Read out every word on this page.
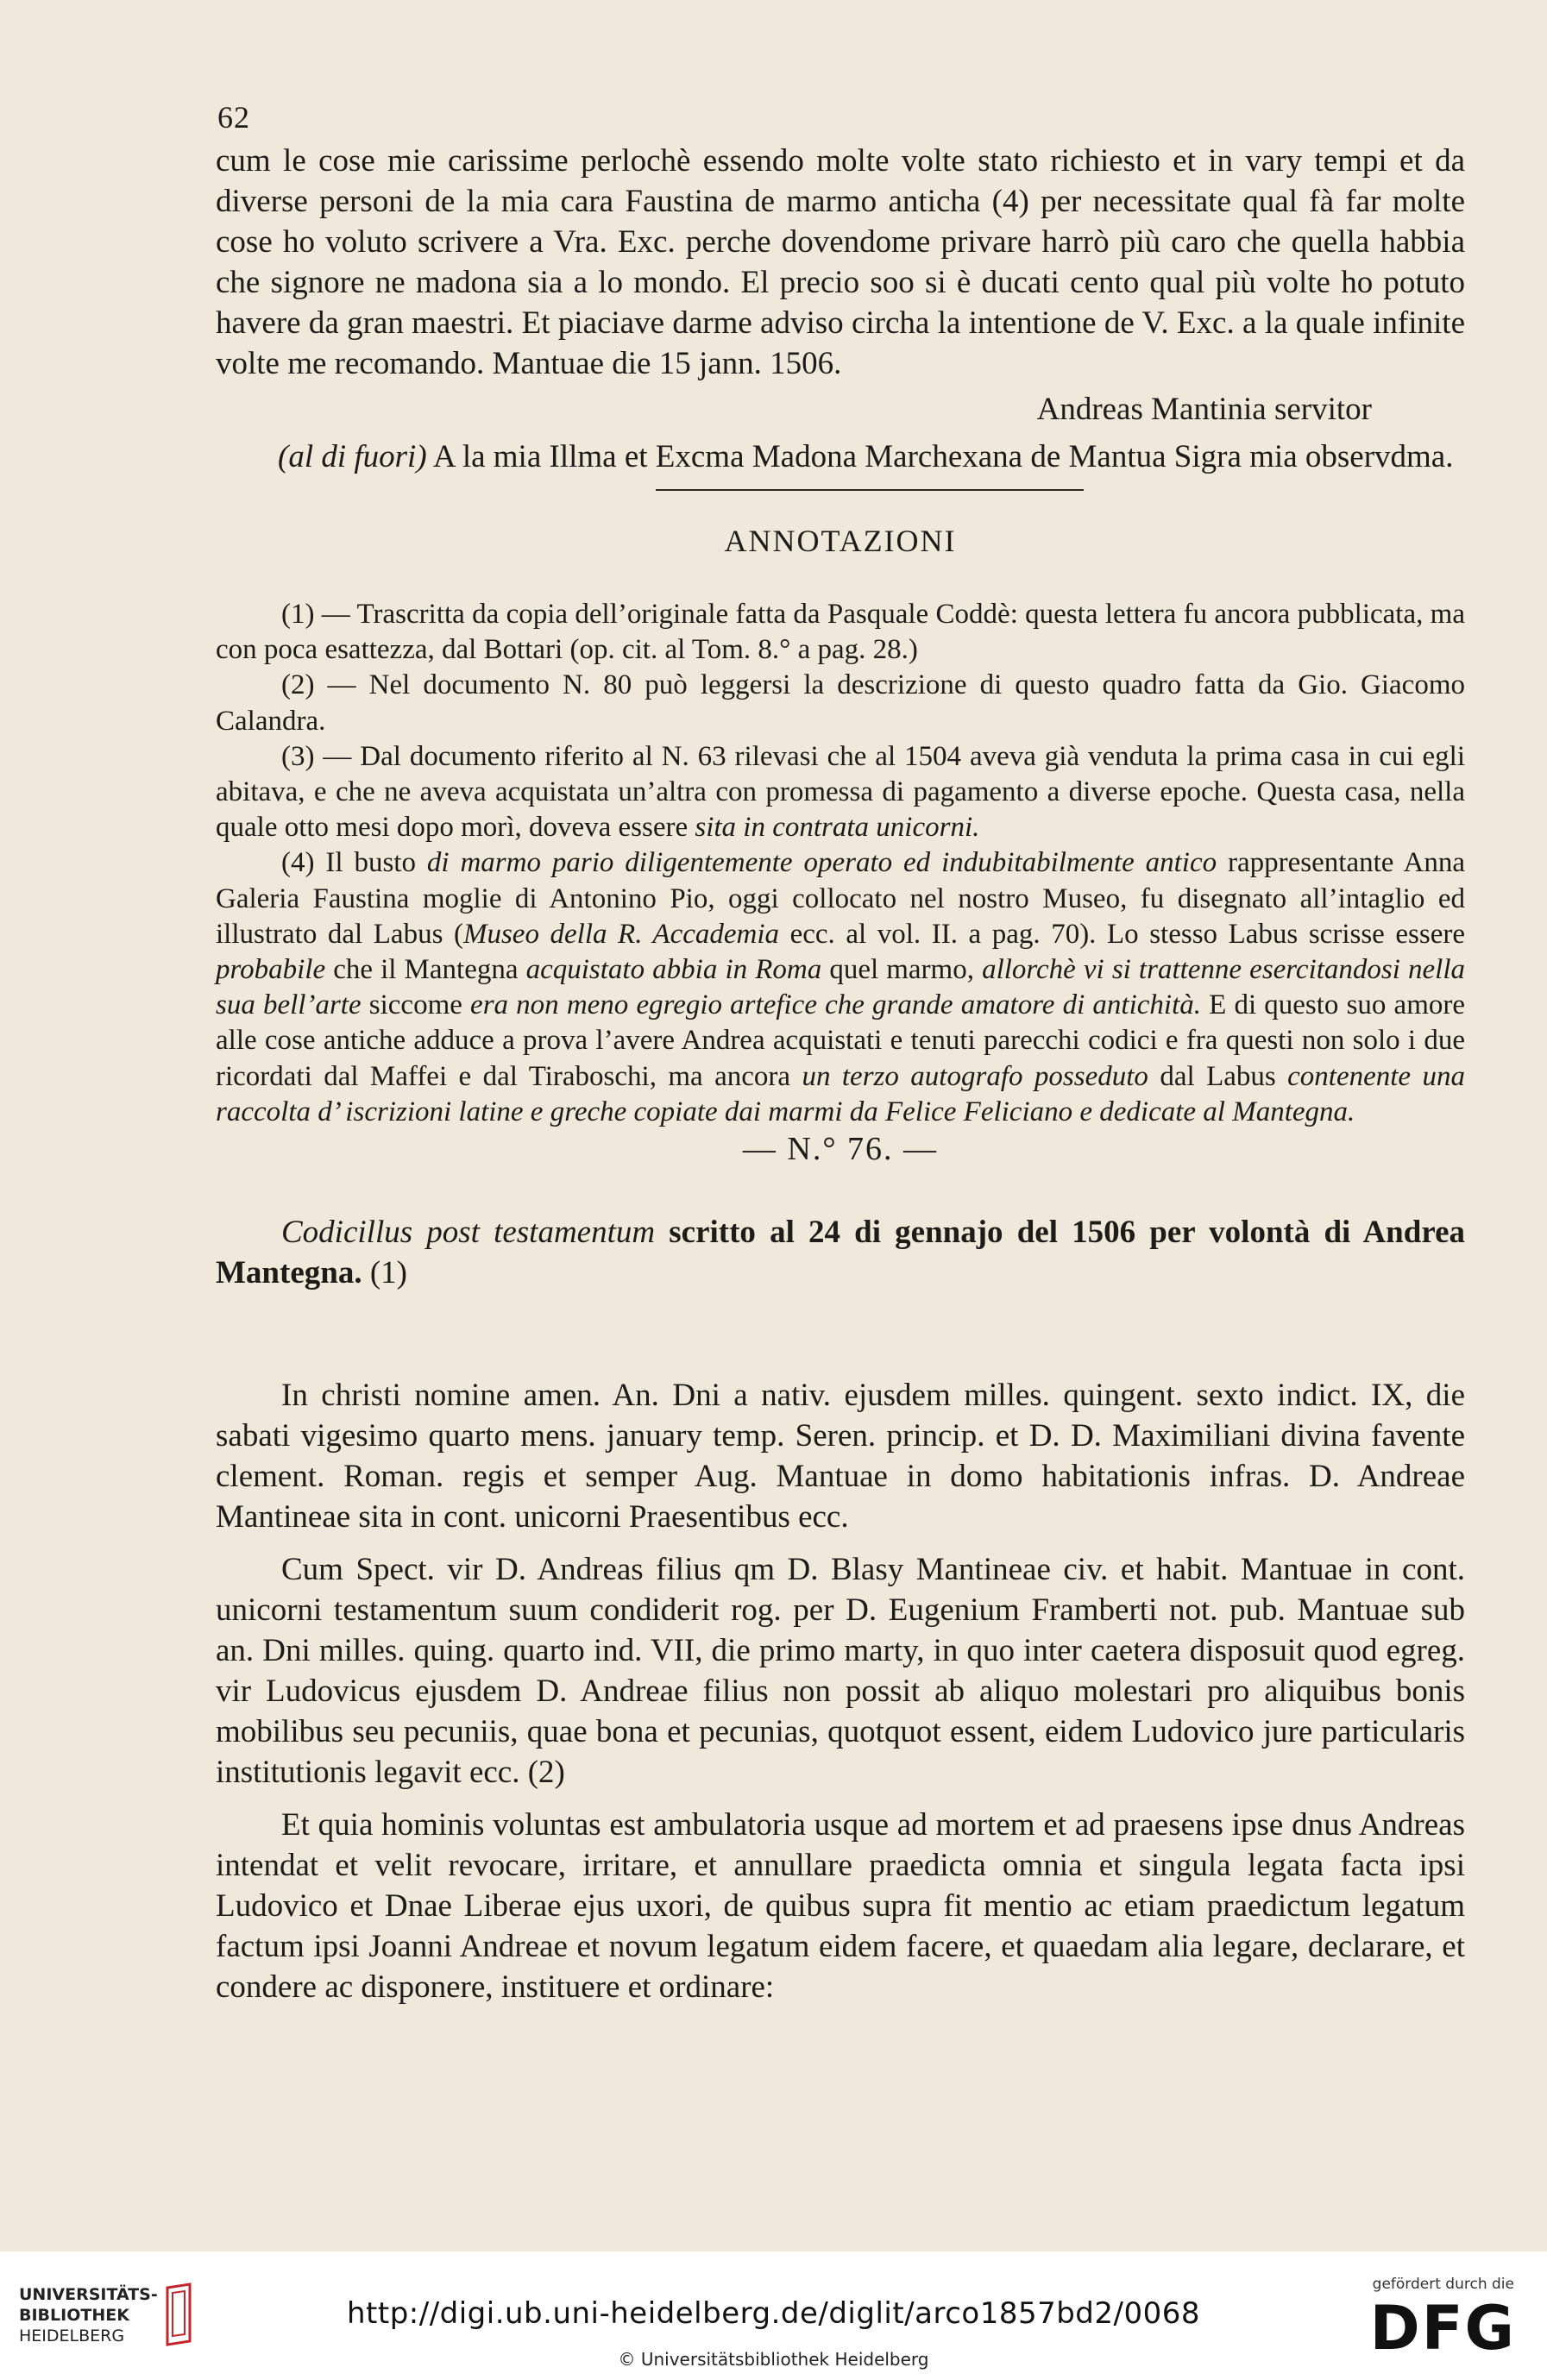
62

cum le cose mie carissime perlochè essendo molte volte stato richiesto et in vary tempi et da diverse personi de la mia cara Faustina de marmo anticha (4) per necessitate qual fà far molte cose ho voluto scrivere a Vra. Exc. perche dovendome privare harrò più caro che quella habbia che signore ne madona sia a lo mondo. El precio soo si è ducati cento qual più volte ho potuto havere da gran maestri. Et piaciave darme adviso circha la intentione de V. Exc. a la quale infinite volte me recomando. Mantuae die 15 jann. 1506.

Andreas Mantinia servitor

(al di fuori) A la mia Illma et Excma Madona Marchexana de Mantua Sigra mia observdma.

ANNOTAZIONI

(1) — Trascritta da copia dell’originale fatta da Pasquale Coddè: questa lettera fu ancora pubblicata, ma con poca esattezza, dal Bottari (op. cit. al Tom. 8.° a pag. 28.)

(2) — Nel documento N. 80 può leggersi la descrizione di questo quadro fatta da Gio. Giacomo Calandra.

(3) — Dal documento riferito al N. 63 rilevasi che al 1504 aveva già venduta la prima casa in cui egli abitava, e che ne aveva acquistata un’altra con promessa di pagamento a diverse epoche. Questa casa, nella quale otto mesi dopo morì, doveva essere sita in contrata unicorni.

(4) Il busto di marmo pario diligentemente operato ed indubitabilmente antico rappresentante Anna Galeria Faustina moglie di Antonino Pio, oggi collocato nel nostro Museo, fu disegnato all’intaglio ed illustrato dal Labus (Museo della R. Accademia ecc. al vol. II. a pag. 70). Lo stesso Labus scrisse essere probabile che il Mantegna acquistato abbia in Roma quel marmo, allorchè vi si trattenne esercitandosi nella sua bell’arte siccome era non meno egregio artefice che grande amatore di antichità. E di questo suo amore alle cose antiche adduce a prova l’avere Andrea acquistati e tenuti parecchi codici e fra questi non solo i due ricordati dal Maffei e dal Tiraboschi, ma ancora un terzo autografo posseduto dal Labus contenente una raccolta d’ iscrizioni latine e greche copiate dai marmi da Felice Feliciano e dedicate al Mantegna.

— N.° 76. —

Codicillus post testamentum scritto al 24 di gennajo del 1506 per volontà di Andrea Mantegna. (1)

In christi nomine amen. An. Dni a nativ. ejusdem milles. quingent. sexto indict. IX, die sabati vigesimo quarto mens. january temp. Seren. princip. et D. D. Maximiliani divina favente clement. Roman. regis et semper Aug. Mantuae in domo habitationis infras. D. Andreae Mantineae sita in cont. unicorni Praesentibus ecc.

Cum Spect. vir D. Andreas filius qm D. Blasy Mantineae civ. et habit. Mantuae in cont. unicorni testamentum suum condiderit rog. per D. Eugenium Framberti not. pub. Mantuae sub an. Dni milles. quing. quarto ind. VII, die primo marty, in quo inter caetera disposuit quod egreg. vir Ludovicus ejusdem D. Andreae filius non possit ab aliquo molestari pro aliquibus bonis mobilibus seu pecuniis, quae bona et pecunias, quotquot essent, eidem Ludovico jure particularis institutionis legavit ecc. (2)

Et quia hominis voluntas est ambulatoria usque ad mortem et ad praesens ipse dnus Andreas intendat et velit revocare, irritare, et annullare praedicta omnia et singula legata facta ipsi Ludovico et Dnae Liberae ejus uxori, de quibus supra fit mentio ac etiam praedictum legatum factum ipsi Joanni Andreae et novum legatum eidem facere, et quaedam alia legare, declarare, et condere ac disponere, instituere et ordinare:

UNIVERSITÄTS-
BIBLIOTHEK
HEIDELBERG
http://digi.ub.uni-heidelberg.de/diglit/arco1857bd2/0068
© Universitätsbibliothek Heidelberg
gefördert durch die
DFG
